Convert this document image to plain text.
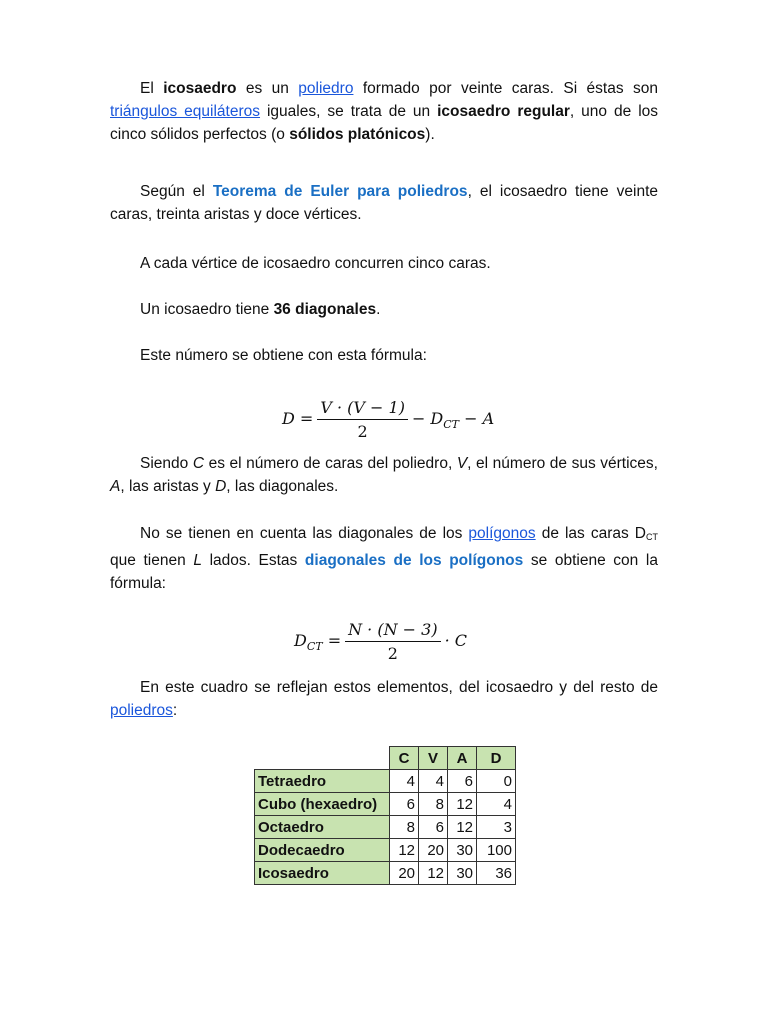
El icosaedro es un poliedro formado por veinte caras. Si éstas son triángulos equiláteros iguales, se trata de un icosaedro regular, uno de los cinco sólidos perfectos (o sólidos platónicos).

Según el Teorema de Euler para poliedros, el icosaedro tiene veinte caras, treinta aristas y doce vértices.

A cada vértice de icosaedro concurren cinco caras.

Un icosaedro tiene 36 diagonales.

Este número se obtiene con esta fórmula:

$D = \frac{V \cdot (V - 1)}{2} - D_{CT} - A$

Siendo C es el número de caras del poliedro, V, el número de sus vértices, A, las aristas y D, las diagonales.

No se tienen en cuenta las diagonales de los polígonos de las caras $D_{CT}$ que tienen L lados. Estas diagonales de los polígonos se obtiene con la fórmula:

$D_{CT} = \frac{N \cdot (N - 3)}{2} \cdot C$

En este cuadro se reflejan estos elementos, del icosaedro y del resto de poliedros:

	C	V	A	D
Tetraedro	4	4	6	0
Cubo (hexaedro)	6	8	12	4
Octaedro	8	6	12	3
Dodecaedro	12	20	30	100
Icosaedro	20	12	30	36
